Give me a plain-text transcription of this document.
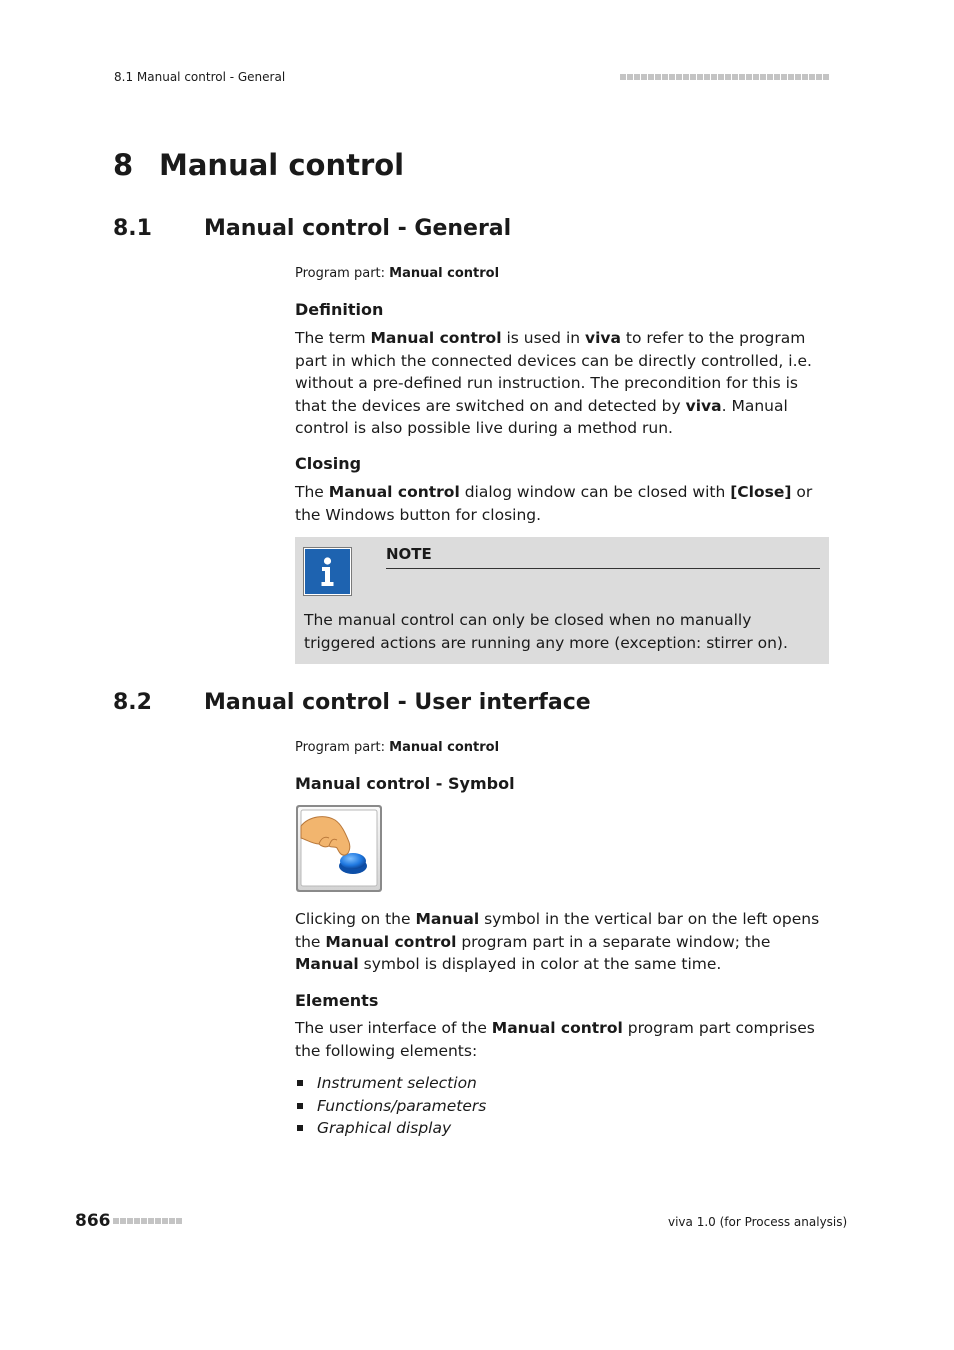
8.1 Manual control - General
8 Manual control
8.1 Manual control - General
Program part: Manual control
Definition
The term Manual control is used in viva to refer to the program part in which the connected devices can be directly controlled, i.e. without a pre-defined run instruction. The precondition for this is that the devices are switched on and detected by viva. Manual control is also possible live during a method run.
Closing
The Manual control dialog window can be closed with [Close] or the Windows button for closing.
NOTE
The manual control can only be closed when no manually triggered actions are running any more (exception: stirrer on).
8.2 Manual control - User interface
Program part: Manual control
Manual control - Symbol
Clicking on the Manual symbol in the vertical bar on the left opens the Manual control program part in a separate window; the Manual symbol is displayed in color at the same time.
Elements
The user interface of the Manual control program part comprises the following elements:
Instrument selection
Functions/parameters
Graphical display
866	viva 1.0 (for Process analysis)
